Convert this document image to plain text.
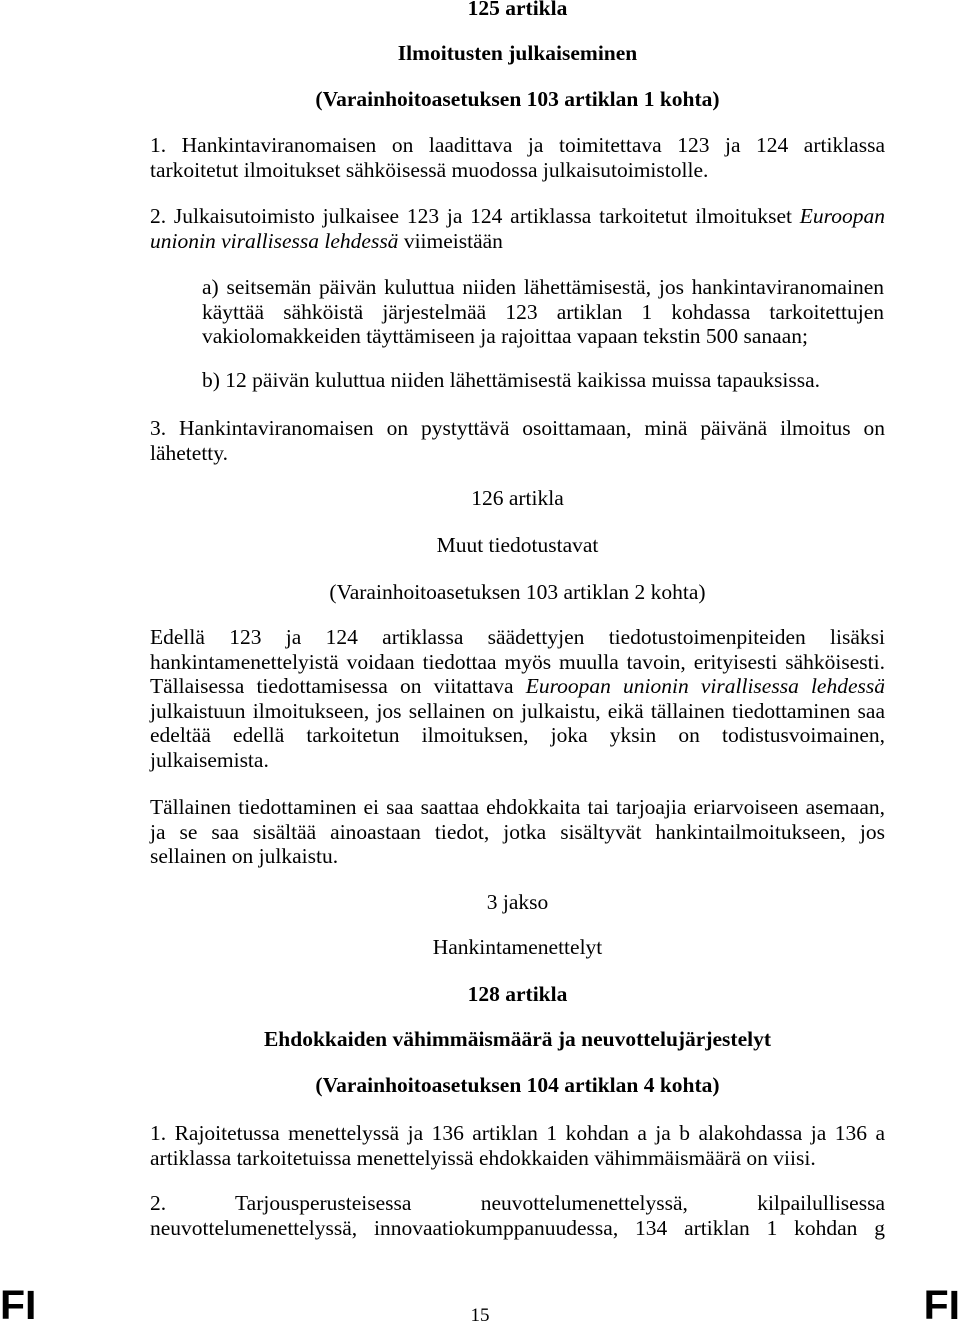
125 artikla
Ilmoitusten julkaiseminen
(Varainhoitoasetuksen 103 artiklan 1 kohta)
1. Hankintaviranomaisen on laadittava ja toimitettava 123 ja 124 artiklassa
tarkoitetut ilmoitukset sähköisessä muodossa julkaisutoimistolle.
2. Julkaisutoimisto julkaisee 123 ja 124 artiklassa tarkoitetut ilmoitukset Euroopan
unionin virallisessa lehdessä viimeistään
a) seitsemän päivän kuluttua niiden lähettämisestä, jos hankintaviranomainen
käyttää sähköistä järjestelmää 123 artiklan 1 kohdassa tarkoitettujen
vakiolomakkeiden täyttämiseen ja rajoittaa vapaan tekstin 500 sanaan;
b) 12 päivän kuluttua niiden lähettämisestä kaikissa muissa tapauksissa.
3. Hankintaviranomaisen on pystyttävä osoittamaan, minä päivänä ilmoitus on
lähetetty.
126 artikla
Muut tiedotustavat
(Varainhoitoasetuksen 103 artiklan 2 kohta)
Edellä 123 ja 124 artiklassa säädettyjen tiedotustoimenpiteiden lisäksi
hankintamenettelyistä voidaan tiedottaa myös muulla tavoin, erityisesti sähköisesti.
Tällaisessa tiedottamisessa on viitattava Euroopan unionin virallisessa lehdessä
julkaistuun ilmoitukseen, jos sellainen on julkaistu, eikä tällainen tiedottaminen saa
edeltää edellä tarkoitetun ilmoituksen, joka yksin on todistusvoimainen,
julkaisemista.
Tällainen tiedottaminen ei saa saattaa ehdokkaita tai tarjoajia eriarvoiseen asemaan,
ja se saa sisältää ainoastaan tiedot, jotka sisältyvät hankintailmoitukseen, jos
sellainen on julkaistu.
3 jakso
Hankintamenettelyt
128 artikla
Ehdokkaiden vähimmäismäärä ja neuvottelujärjestelyt
(Varainhoitoasetuksen 104 artiklan 4 kohta)
1. Rajoitetussa menettelyssä ja 136 artiklan 1 kohdan a ja b alakohdassa ja 136 a
artiklassa tarkoitetuissa menettelyissä ehdokkaiden vähimmäismäärä on viisi.
2. Tarjousperusteisessa neuvottelumenettelyssä, kilpailullisessa
neuvottelumenettelyssä, innovaatiokumppanuudessa, 134 artiklan 1 kohdan g
FI	15	FI
